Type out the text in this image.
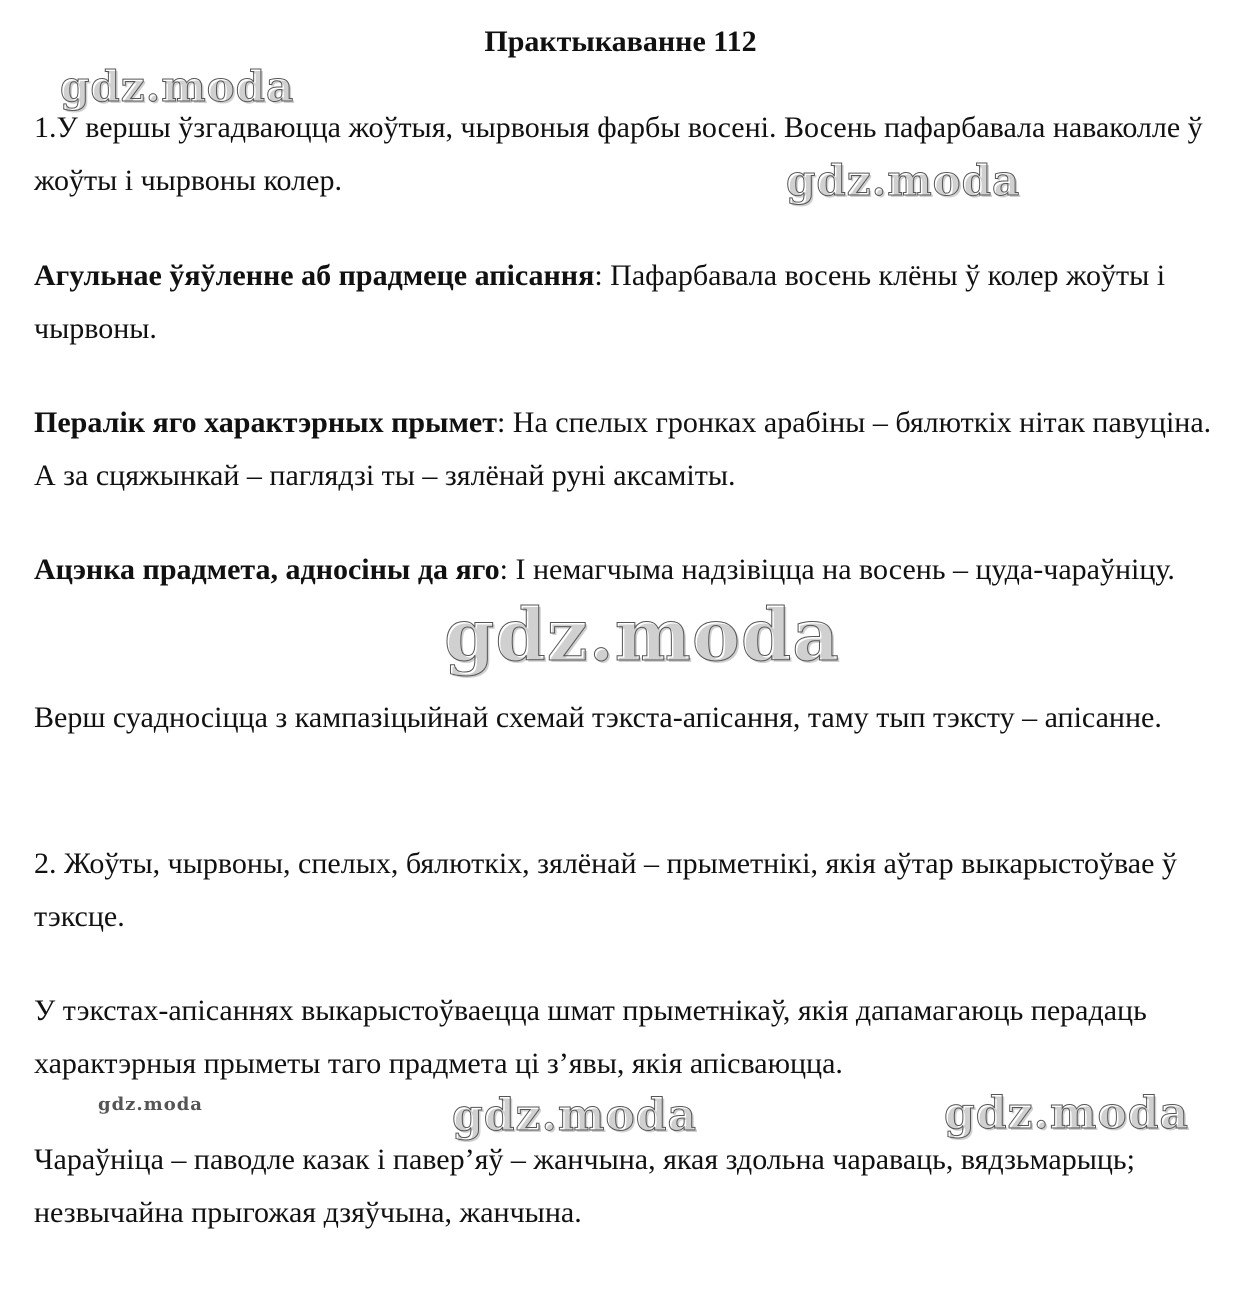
Практыкаванне 112

1.У вершы ўзгадваюцца жоўтыя, чырвоныя фарбы восені. Восень пафарбавала наваколле ў жоўты і чырвоны колер.

Агульнае ўяўленне аб прадмеце апісання: Пафарбавала восень клёны ў колер жоўты і чырвоны.

Пералік яго характэрных прымет: На спелых гронках арабіны – бялюткіх нітак павуціна. А за сцяжынкай – паглядзі ты – зялёнай руні аксаміты.

Ацэнка прадмета, адносіны да яго: І немагчыма надзівіцца на восень – цуда-чараўніцу.

Верш суадносіцца з кампазіцыйнай схемай тэкста-апісання, таму тып тэксту – апісанне.

2. Жоўты, чырвоны, спелых, бялюткіх, зялёнай – прыметнікі, якія аўтар выкарыстоўвае ў тэксце.

У тэкстах-апісаннях выкарыстоўваецца шмат прыметнікаў, якія дапамагаюць перадаць характэрныя прыметы таго прадмета ці з’явы, якія апісваюцца.

Чараўніца – паводле казак і павер’яў – жанчына, якая здольна чараваць, вядзьмарыць; незвычайна прыгожая дзяўчына, жанчына.

gdz.moda
gdz.moda
gdz.moda
gdz.moda	gdz.moda	gdz.moda
